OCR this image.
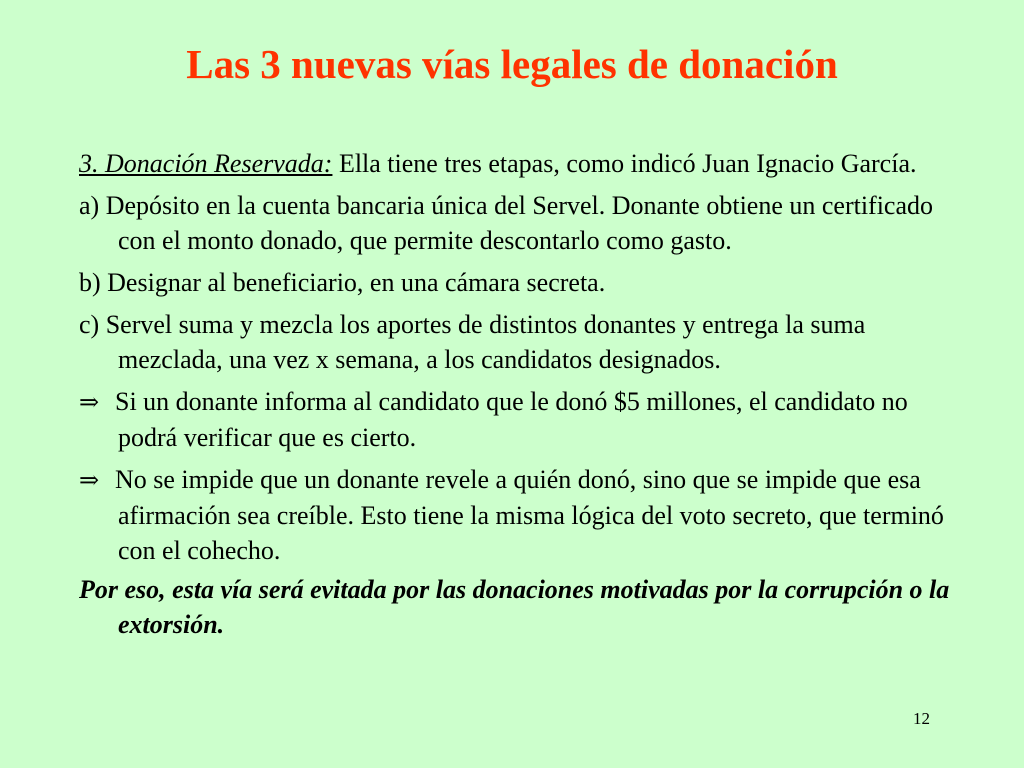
Las 3 nuevas vías legales de donación

3. Donación Reservada: Ella tiene tres etapas, como indicó Juan Ignacio García.

a) Depósito en la cuenta bancaria única del Servel. Donante obtiene un certificado con el monto donado, que permite descontarlo como gasto.

b) Designar al beneficiario, en una cámara secreta.

c) Servel suma y mezcla los aportes de distintos donantes y entrega la suma mezclada, una vez x semana, a los candidatos designados.

⇒ Si un donante informa al candidato que le donó $5 millones, el candidato no podrá verificar que es cierto.

⇒ No se impide que un donante revele a quién donó, sino que se impide que esa afirmación sea creíble. Esto tiene la misma lógica del voto secreto, que terminó con el cohecho.

Por eso, esta vía será evitada por las donaciones motivadas por la corrupción o la extorsión.

12
